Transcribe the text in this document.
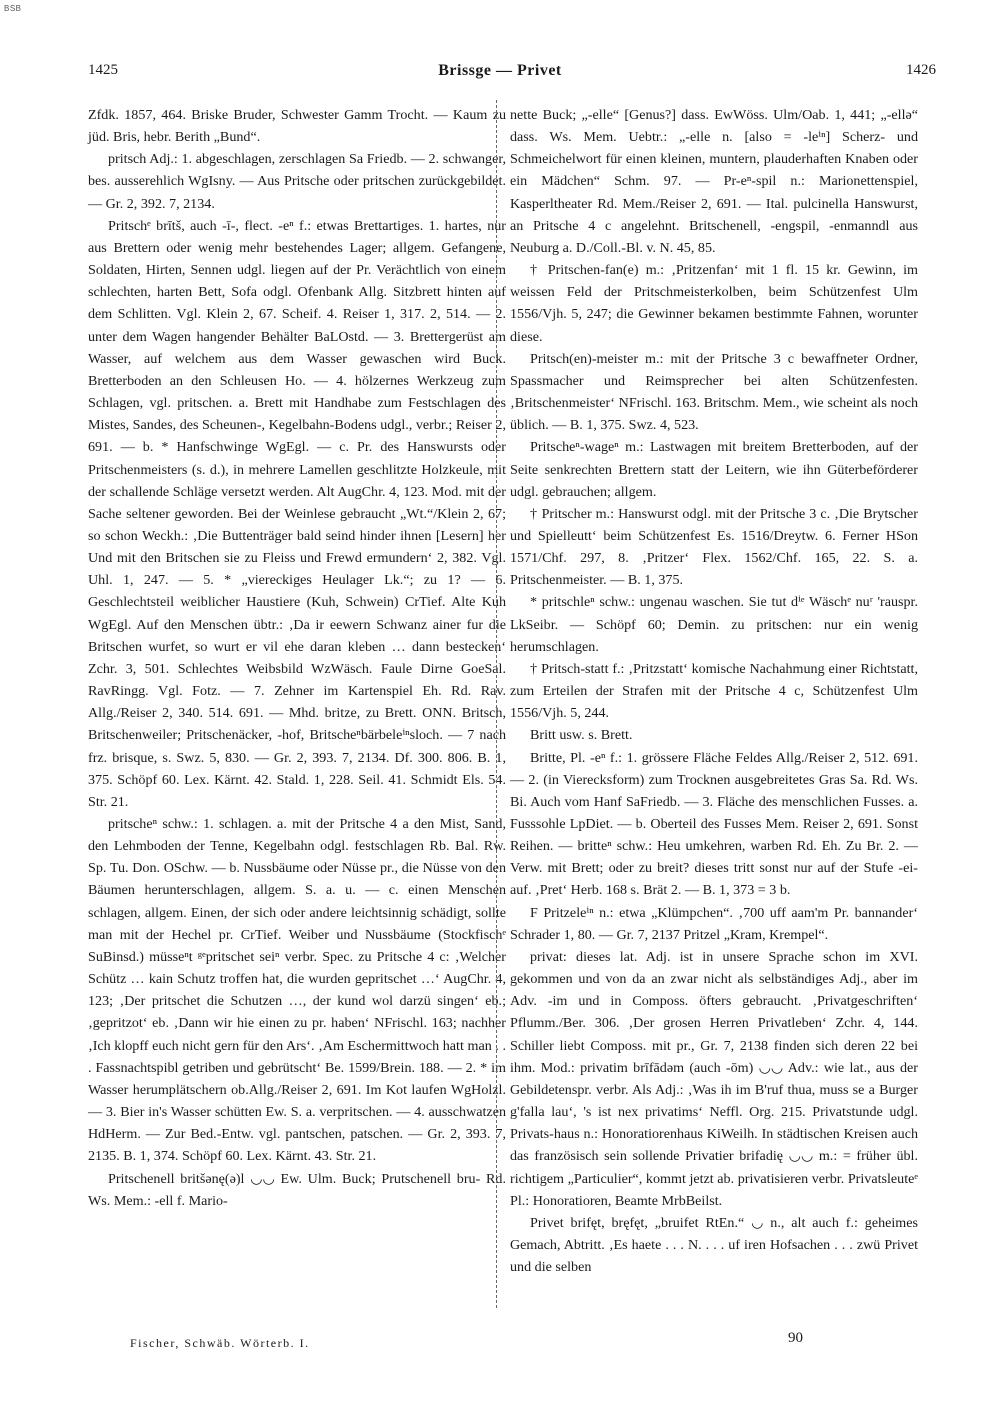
BSB
1425	Brissge — Privet	1426

Zfdk. 1857, 464. Briske Bruder, Schwester Gamm Trocht. — Kaum zu jüd. Bris, hebr. Berith „Bund“.

pritsch Adj.: 1. abgeschlagen, zerschlagen Sa Friedb. — 2. schwanger, bes. ausserehlich WgIsny. — Aus Pritsche oder pritschen zurückgebildet. — Gr. 2, 392. 7, 2134.

Pritschᵉ brītš, auch -ī-, flect. -eⁿ f.: etwas Brettartiges. 1. hartes, nur aus Brettern oder wenig mehr bestehendes Lager; allgem. Gefangene, Soldaten, Hirten, Sennen udgl. liegen auf der Pr. Verächtlich von einem schlechten, harten Bett, Sofa odgl. Ofenbank Allg. Sitzbrett hinten auf dem Schlitten. Vgl. Klein 2, 67. Scheif. 4. Reiser 1, 317. 2, 514. — 2. unter dem Wagen hangender Behälter BaLOstd. — 3. Brettergerüst am Wasser, auf welchem aus dem Wasser gewaschen wird Buck. Bretterboden an den Schleusen Ho. — 4. hölzernes Werkzeug zum Schlagen, vgl. pritschen. a. Brett mit Handhabe zum Festschlagen des Mistes, Sandes, des Scheunen-, Kegelbahn-Bodens udgl., verbr.; Reiser 2, 691. — b. * Hanfschwinge WgEgl. — c. Pr. des Hanswursts oder Pritschenmeisters (s. d.), in mehrere Lamellen geschlitzte Holzkeule, mit der schallende Schläge versetzt werden. Alt AugChr. 4, 123. Mod. mit der Sache seltener geworden. Bei der Weinlese gebraucht „Wt.“/Klein 2, 67; so schon Weckh.: ‚Die Buttenträger bald seind hinder ihnen [Lesern] her Und mit den Britschen sie zu Fleiss und Frewd ermundern‘ 2, 382. Vgl. Uhl. 1, 247. — 5. * „viereckiges Heulager Lk.“; zu 1? — 6. Geschlechtsteil weiblicher Haustiere (Kuh, Schwein) CrTief. Alte Kuh WgEgl. Auf den Menschen übtr.: ‚Da ir eewern Schwanz ainer fur die Britschen wurfet, so wurt er vil ehe daran kleben … dann bestecken‘ Zchr. 3, 501. Schlechtes Weibsbild WzWäsch. Faule Dirne GoeSal. RavRingg. Vgl. Fotz. — 7. Zehner im Kartenspiel Eh. Rd. Rav. Allg./Reiser 2, 340. 514. 691. — Mhd. britze, zu Brett. ONN. Britsch, Britschenweiler; Pritschenäcker, -hof, Britscheⁿbärbeleⁱⁿsloch. — 7 nach frz. brisque, s. Swz. 5, 830. — Gr. 2, 393. 7, 2134. Df. 300. 806. B. 1, 375. Schöpf 60. Lex. Kärnt. 42. Stald. 1, 228. Seil. 41. Schmidt Els. 54. Str. 21.

pritscheⁿ schw.: 1. schlagen. a. mit der Pritsche 4 a den Mist, Sand, den Lehmboden der Tenne, Kegelbahn odgl. festschlagen Rb. Bal. Rw. Sp. Tu. Don. OSchw. — b. Nussbäume oder Nüsse pr., die Nüsse von den Bäumen herunterschlagen, allgem. S. a. u. — c. einen Menschen schlagen, allgem. Einen, der sich oder andere leichtsinnig schädigt, sollte man mit der Hechel pr. CrTief. Weiber und Nussbäume (Stockfischᵉ SuBinsd.) müsseⁿt ᵍᵉpritschet seiⁿ verbr. Spec. zu Pritsche 4 c: ‚Welcher Schütz … kain Schutz troffen hat, die wurden gepritschet …‘ AugChr. 4, 123; ‚Der pritschet die Schutzen …, der kund wol darzü singen‘ eb.; ‚gepritzot‘ eb. ‚Dann wir hie einen zu pr. haben‘ NFrischl. 163; nachher ‚Ich klopff euch nicht gern für den Ars‘. ‚Am Eschermittwoch hatt man . . . Fassnachtspibl getriben und gebrütscht‘ Be. 1599/Brein. 188. — 2. * im Wasser herumplätschern ob.Allg./Reiser 2, 691. Im Kot laufen WgHolzl. — 3. Bier in's Wasser schütten Ew. S. a. verpritschen. — 4. ausschwatzen HdHerm. — Zur Bed.-Entw. vgl. pantschen, patschen. — Gr. 2, 393. 7, 2135. B. 1, 374. Schöpf 60. Lex. Kärnt. 43. Str. 21.

Pritschenell britšənę(ə)l ◡◡ Ew. Ulm. Buck; Prutschenell bru- Rd. Ws. Mem.: -ell f. Mario-

nette Buck; „-elle“ [Genus?] dass. EwWöss. Ulm/Oab. 1, 441; „-ellə“ dass. Ws. Mem. Uebtr.: „-elle n. [also = -leⁱⁿ] Scherz- und Schmeichelwort für einen kleinen, muntern, plauderhaften Knaben oder ein Mädchen“ Schm. 97. — Pr-eⁿ-spil n.: Marionettenspiel, Kasperltheater Rd. Mem./Reiser 2, 691. — Ital. pulcinella Hanswurst, an Pritsche 4 c angelehnt. Britschenell, -engspil, -enmanndl aus Neuburg a. D./Coll.-Bl. v. N. 45, 85.

† Pritschen-fan(e) m.: ‚Pritzenfan‘ mit 1 fl. 15 kr. Gewinn, im weissen Feld der Pritschmeisterkolben, beim Schützenfest Ulm 1556/Vjh. 5, 247; die Gewinner bekamen bestimmte Fahnen, worunter diese.

Pritsch(en)-meister m.: mit der Pritsche 3 c bewaffneter Ordner, Spassmacher und Reimsprecher bei alten Schützenfesten. ‚Britschenmeister‘ NFrischl. 163. Britschm. Mem., wie scheint als noch üblich. — B. 1, 375. Swz. 4, 523.

Pritscheⁿ-wageⁿ m.: Lastwagen mit breitem Bretterboden, auf der Seite senkrechten Brettern statt der Leitern, wie ihn Güterbeförderer udgl. gebrauchen; allgem.

† Pritscher m.: Hanswurst odgl. mit der Pritsche 3 c. ‚Die Brytscher und Spielleutt‘ beim Schützenfest Es. 1516/Dreytw. 6. Ferner HSon 1571/Chf. 297, 8. ‚Pritzer‘ Flex. 1562/Chf. 165, 22. S. a. Pritschenmeister. — B. 1, 375.

* pritschleⁿ schw.: ungenau waschen. Sie tut dⁱᵉ Wäschᵉ nuʳ 'rauspr. LkSeibr. — Schöpf 60; Demin. zu pritschen: nur ein wenig herumschlagen.

† Pritsch-statt f.: ‚Pritzstatt‘ komische Nachahmung einer Richtstatt, zum Erteilen der Strafen mit der Pritsche 4 c, Schützenfest Ulm 1556/Vjh. 5, 244.

Britt usw. s. Brett.

Britte, Pl. -eⁿ f.: 1. grössere Fläche Feldes Allg./Reiser 2, 512. 691. — 2. (in Vierecksform) zum Trocknen ausgebreitetes Gras Sa. Rd. Ws. Bi. Auch vom Hanf SaFriedb. — 3. Fläche des menschlichen Fusses. a. Fusssohle LpDiet. — b. Oberteil des Fusses Mem. Reiser 2, 691. Sonst Reihen. — britteⁿ schw.: Heu umkehren, warben Rd. Eh. Zu Br. 2. — Verw. mit Brett; oder zu breit? dieses tritt sonst nur auf der Stufe -ei- auf. ‚Pret‘ Herb. 168 s. Brät 2. — B. 1, 373 = 3 b.

F Pritzeleⁱⁿ n.: etwa „Klümpchen“. ‚700 uff aam'm Pr. bannander‘ Schrader 1, 80. — Gr. 7, 2137 Pritzel „Kram, Krempel“.

privat: dieses lat. Adj. ist in unsere Sprache schon im XVI. gekommen und von da an zwar nicht als selbständiges Adj., aber im Adv. -im und in Composs. öfters gebraucht. ‚Privatgeschriften‘ Pflumm./Ber. 306. ‚Der grosen Herren Privatleben‘ Zchr. 4, 144. Schiller liebt Composs. mit pr., Gr. 7, 2138 finden sich deren 22 bei ihm. Mod.: privatim brīfādəm (auch -ōm) ◡◡ Adv.: wie lat., aus der Gebildetenspr. verbr. Als Adj.: ‚Was ih im B'ruf thua, muss se a Burger g'falla lau‘, 's ist nex privatims‘ Neffl. Org. 215. Privatstunde udgl. Privats-haus n.: Honoratiorenhaus KiWeilh. In städtischen Kreisen auch das französisch sein sollende Privatier brifadię ◡◡ m.: = früher übl. richtigem „Particulier“, kommt jetzt ab. privatisieren verbr. Privatsleuteᵉ Pl.: Honoratioren, Beamte MrbBeilst.

Privet brifęt, bręfęt, „bruifet RtEn.“ ◡ n., alt auch f.: geheimes Gemach, Abtritt. ‚Es haete . . . N. . . . uf iren Hofsachen . . . zwü Privet und die selben

Fischer, Schwäb. Wörterb. I.	90
